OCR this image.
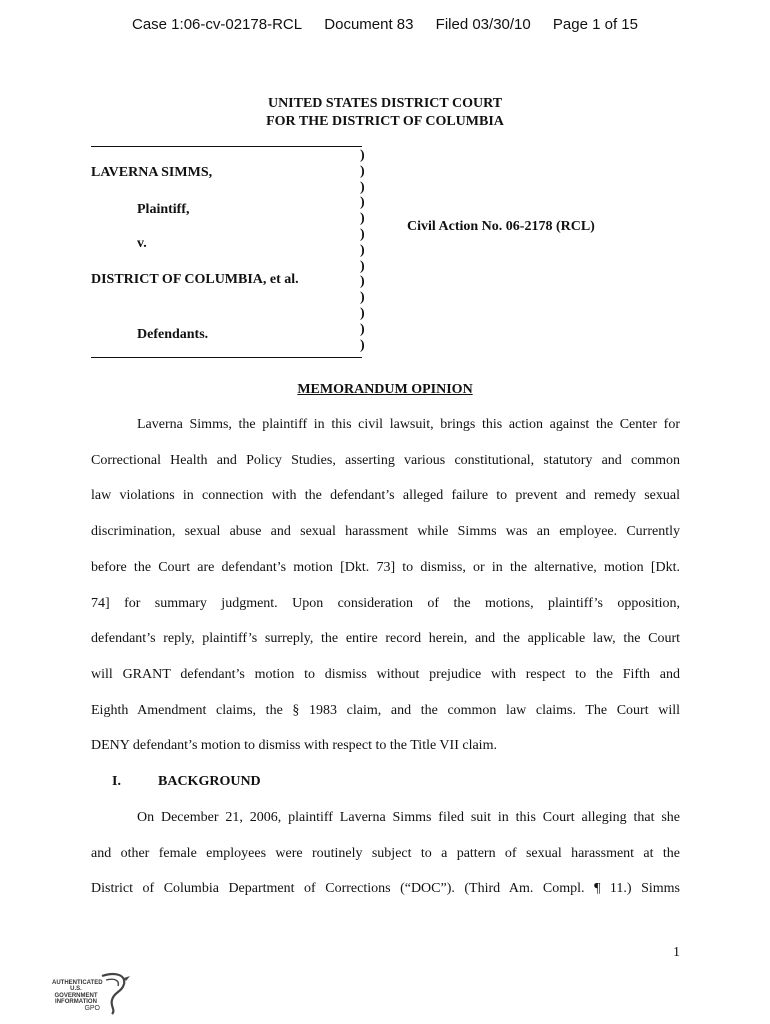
Case 1:06-cv-02178-RCL Document 83 Filed 03/30/10 Page 1 of 15
UNITED STATES DISTRICT COURT
FOR THE DISTRICT OF COLUMBIA
LAVERNA SIMMS,
Plaintiff,
v.
DISTRICT OF COLUMBIA, et al.
Defendants.
)
)
)
)
)
)
)
)
)
)
)
)
)
Civil Action No. 06-2178 (RCL)
MEMORANDUM OPINION
Laverna Simms, the plaintiff in this civil lawsuit, brings this action against the Center for
Correctional Health and Policy Studies, asserting various constitutional, statutory and common
law violations in connection with the defendant’s alleged failure to prevent and remedy sexual
discrimination, sexual abuse and sexual harassment while Simms was an employee. Currently
before the Court are defendant’s motion [Dkt. 73] to dismiss, or in the alternative, motion [Dkt.
74] for summary judgment. Upon consideration of the motions, plaintiff’s opposition,
defendant’s reply, plaintiff’s surreply, the entire record herein, and the applicable law, the Court
will GRANT defendant’s motion to dismiss without prejudice with respect to the Fifth and
Eighth Amendment claims, the § 1983 claim, and the common law claims. The Court will
DENY defendant’s motion to dismiss with respect to the Title VII claim.
I.	BACKGROUND
On December 21, 2006, plaintiff Laverna Simms filed suit in this Court alleging that she
and other female employees were routinely subject to a pattern of sexual harassment at the
District of Columbia Department of Corrections (“DOC”). (Third Am. Compl. ¶ 11.) Simms
1
AUTHENTICATED
U.S. GOVERNMENT
INFORMATION
GPO
